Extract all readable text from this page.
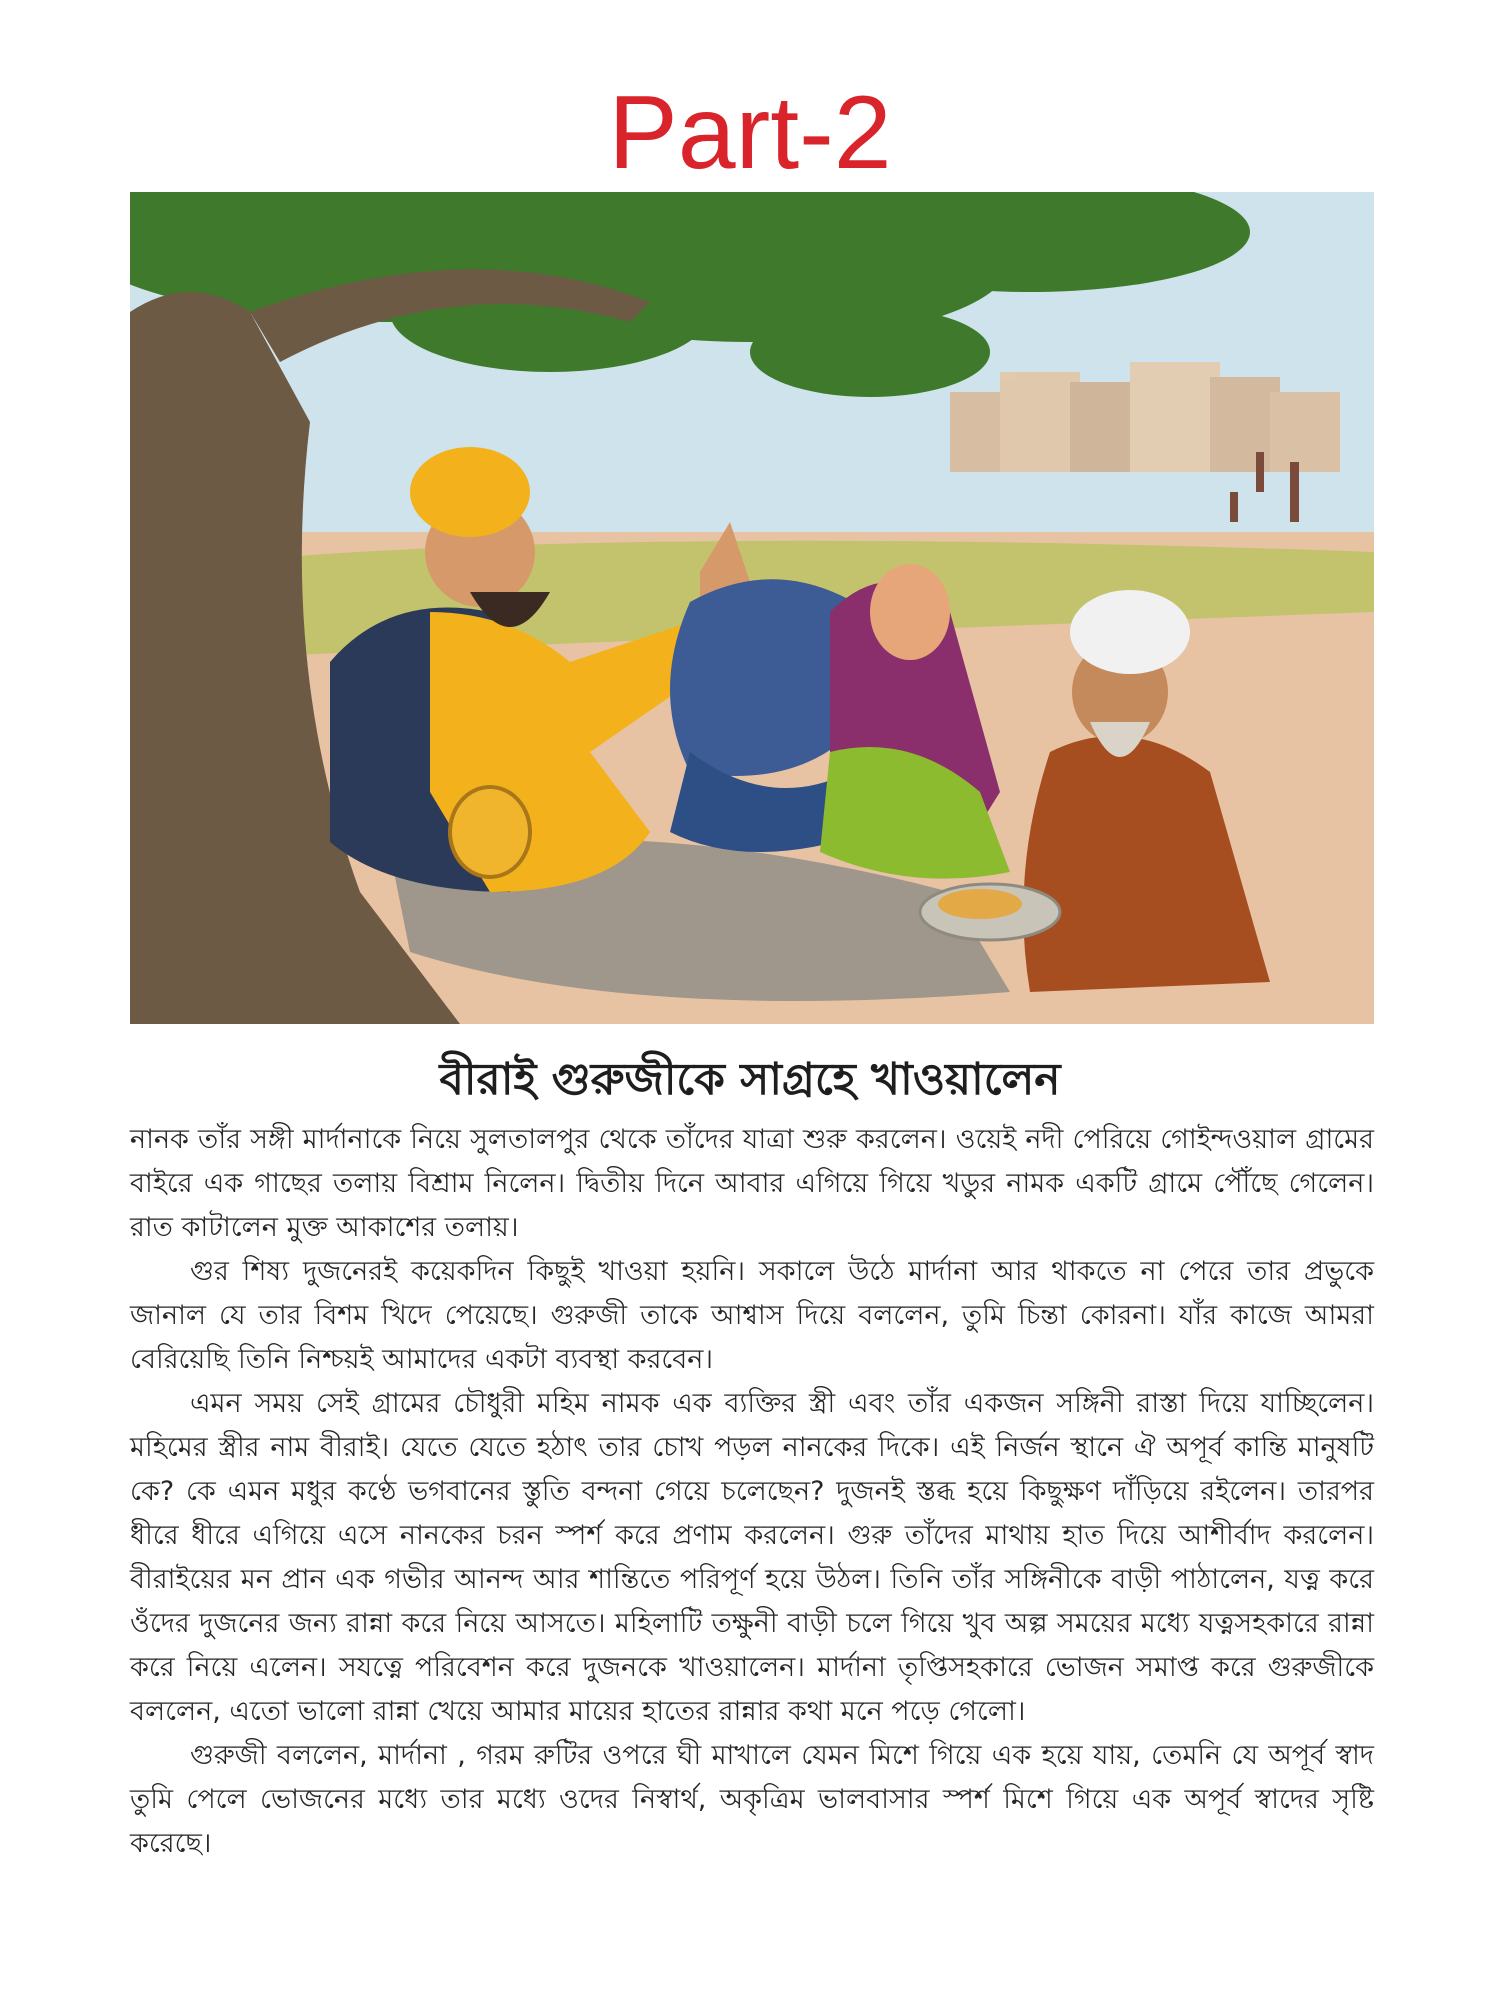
Part-2
বীরাই গুরুজীকে সাগ্রহে খাওয়ালেন

নানক তাঁর সঙ্গী মার্দানাকে নিয়ে সুলতালপুর থেকে তাঁদের যাত্রা শুরু করলেন। ওয়েই নদী পেরিয়ে গোইন্দওয়াল গ্রামের বাইরে এক গাছের তলায় বিশ্রাম নিলেন। দ্বিতীয় দিনে আবার এগিয়ে গিয়ে খডুর নামক একটি গ্রামে পৌঁছে গেলেন। রাত কাটালেন মুক্ত আকাশের তলায়।

গুর শিষ্য দুজনেরই কয়েকদিন কিছুই খাওয়া হয়নি। সকালে উঠে মার্দানা আর থাকতে না পেরে তার প্রভুকে জানাল যে তার বিশম খিদে পেয়েছে। গুরুজী তাকে আশ্বাস দিয়ে বললেন, তুমি চিন্তা কোরনা। যাঁর কাজে আমরা বেরিয়েছি তিনি নিশ্চয়ই আমাদের একটা ব্যবস্থা করবেন।

এমন সময় সেই গ্রামের চৌধুরী মহিম নামক এক ব্যক্তির স্ত্রী এবং তাঁর একজন সঙ্গিনী রাস্তা দিয়ে যাচ্ছিলেন। মহিমের স্ত্রীর নাম বীরাই। যেতে যেতে হঠাৎ তার চোখ পড়ল নানকের দিকে। এই নির্জন স্থানে ঐ অপূর্ব কান্তি মানুষটি কে? কে এমন মধুর কণ্ঠে ভগবানের স্তুতি বন্দনা গেয়ে চলেছেন? দুজনই স্তব্ধ হয়ে কিছুক্ষণ দাঁড়িয়ে রইলেন। তারপর ধীরে ধীরে এগিয়ে এসে নানকের চরন স্পর্শ করে প্রণাম করলেন। গুরু তাঁদের মাথায় হাত দিয়ে আশীর্বাদ করলেন। বীরাইয়ের মন প্রান এক গভীর আনন্দ আর শান্তিতে পরিপূর্ণ হয়ে উঠল। তিনি তাঁর সঙ্গিনীকে বাড়ী পাঠালেন, যত্ন করে ওঁদের দুজনের জন্য রান্না করে নিয়ে আসতে। মহিলাটি তক্ষুনী বাড়ী চলে গিয়ে খুব অল্প সময়ের মধ্যে যত্নসহকারে রান্না করে নিয়ে এলেন। সযত্নে পরিবেশন করে দুজনকে খাওয়ালেন। মার্দানা তৃপ্তিসহকারে ভোজন সমাপ্ত করে গুরুজীকে বললেন, এতো ভালো রান্না খেয়ে আমার মায়ের হাতের রান্নার কথা মনে পড়ে গেলো।

গুরুজী বললেন, মার্দানা , গরম রুটির ওপরে ঘী মাখালে যেমন মিশে গিয়ে এক হয়ে যায়, তেমনি যে অপূর্ব স্বাদ তুমি পেলে ভোজনের মধ্যে তার মধ্যে ওদের নিস্বার্থ, অকৃত্রিম ভালবাসার স্পর্শ মিশে গিয়ে এক অপূর্ব স্বাদের সৃষ্টি করেছে।
